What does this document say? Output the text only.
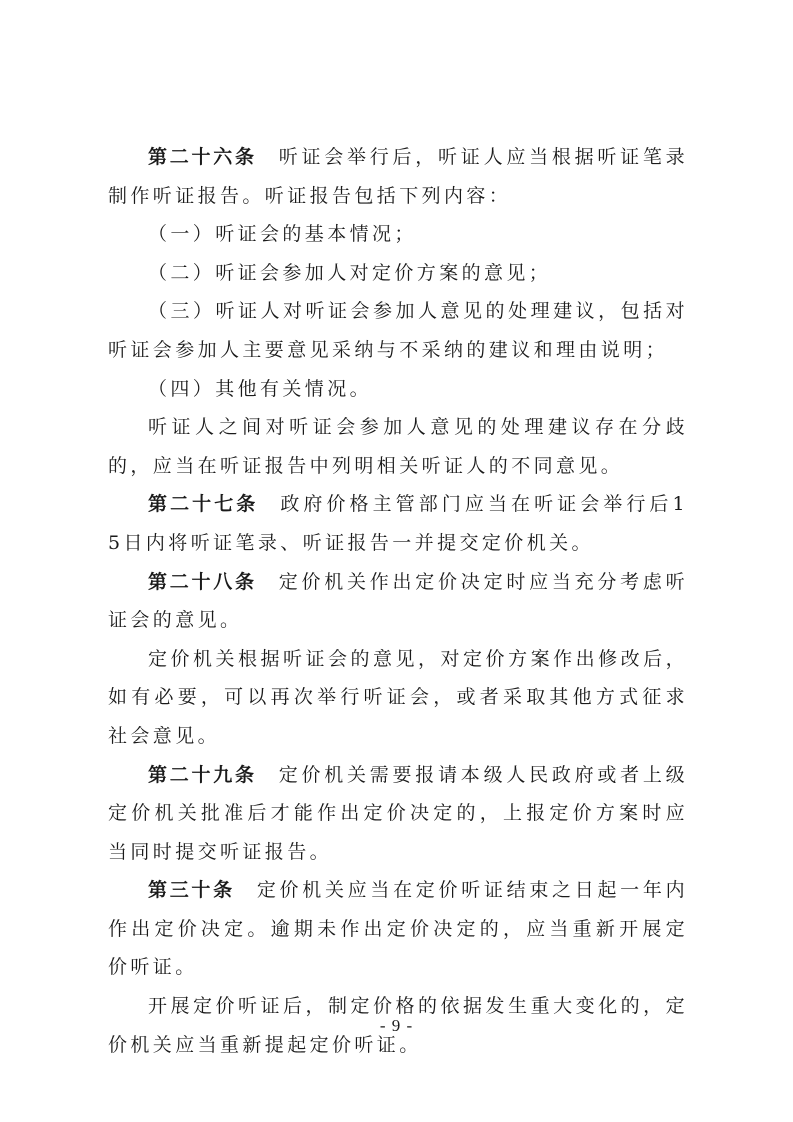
第二十六条 听证会举行后，听证人应当根据听证笔录制作听证报告。听证报告包括下列内容：

（一）听证会的基本情况；

（二）听证会参加人对定价方案的意见；

（三）听证人对听证会参加人意见的处理建议，包括对听证会参加人主要意见采纳与不采纳的建议和理由说明；

（四）其他有关情况。

听证人之间对听证会参加人意见的处理建议存在分歧的，应当在听证报告中列明相关听证人的不同意见。

第二十七条 政府价格主管部门应当在听证会举行后15日内将听证笔录、听证报告一并提交定价机关。

第二十八条 定价机关作出定价决定时应当充分考虑听证会的意见。

定价机关根据听证会的意见，对定价方案作出修改后，如有必要，可以再次举行听证会，或者采取其他方式征求社会意见。

第二十九条 定价机关需要报请本级人民政府或者上级定价机关批准后才能作出定价决定的，上报定价方案时应当同时提交听证报告。

第三十条 定价机关应当在定价听证结束之日起一年内作出定价决定。逾期未作出定价决定的，应当重新开展定价听证。

开展定价听证后，制定价格的依据发生重大变化的，定价机关应当重新提起定价听证。

- 9 -
